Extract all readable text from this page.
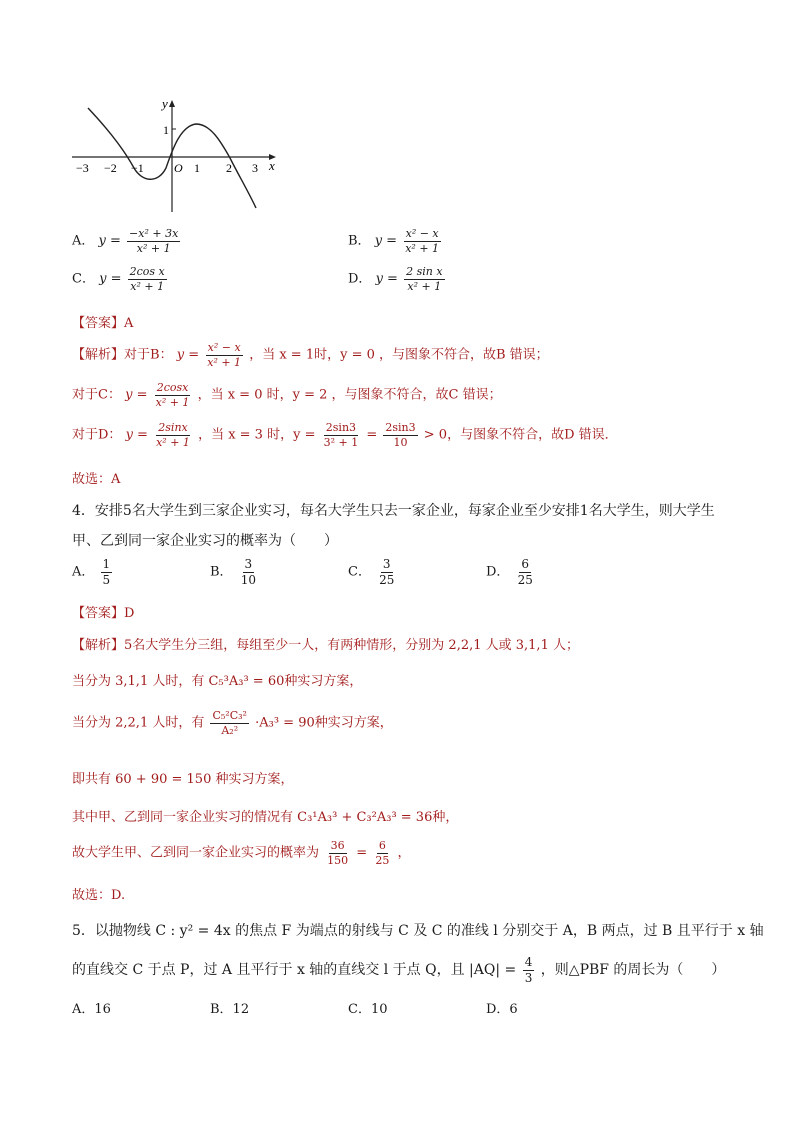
y
x
O
1
−3 −2 −1	1 2 3
A． $y = \frac{\text{−x² + 3x}}{\text{x² + 1}}$	B． $y = \frac{\text{x² − x}}{\text{x² + 1}}$
C． $y = \frac{\text{2cos x}}{\text{x² + 1}}$	D． $y = \frac{\text{2 sin x}}{\text{x² + 1}}$
【答案】A
【解析】对于B： $y = \frac{\text{x² − x}}{\text{x² + 1}}$ ，当 x = 1时，y = 0 ，与图象不符合，故B 错误；
对于C： $y = \frac{2\cos x}{\text{x² + 1}}$ ，当 x = 0 时，y = 2 ，与图象不符合，故C 错误；
对于D： $y = \frac{2\sin x}{\text{x² + 1}}$ ，当 x = 3 时，$y = \frac{2\sin 3}{\text{3² + 1}} = \frac{2\sin 3}{10} > 0$，与图象不符合，故D 错误．
故选：A
4．安排5名大学生到三家企业实习，每名大学生只去一家企业，每家企业至少安排1名大学生，则大学生
甲、乙到同一家企业实习的概率为（　　）
A． $\frac{1}{5}$	B． $\frac{3}{10}$	C． $\frac{3}{25}$	D． $\frac{6}{25}$
【答案】D
【解析】5名大学生分三组，每组至少一人，有两种情形，分别为 2,2,1 人或 3,1,1 人；
当分为 3,1,1 人时，有 C₅³A₃³ = 60种实习方案，
当分为 2,2,1 人时，有 $\frac{\text{C₅²C₃²}}{\text{A₂²}} \cdot A_3^3 = 90$种实习方案，
即共有 60 + 90 = 150 种实习方案，
其中甲、乙到同一家企业实习的情况有 C₃¹A₃³ + C₃²A₃³ = 36种，
故大学生甲、乙到同一家企业实习的概率为 $\frac{36}{150} = \frac{6}{25}$ ，
故选：D.
5．以抛物线 C : y² = 4x 的焦点 F 为端点的射线与 C 及 C 的准线 l 分别交于 A，B 两点，过 B 且平行于 x 轴
的直线交 C 于点 P，过 A 且平行于 x 轴的直线交 l 于点 Q，且 $|AQ| = \frac{4}{3}$ ，则△PBF 的周长为（　　）
A．16	B．12	C．10	D．6
